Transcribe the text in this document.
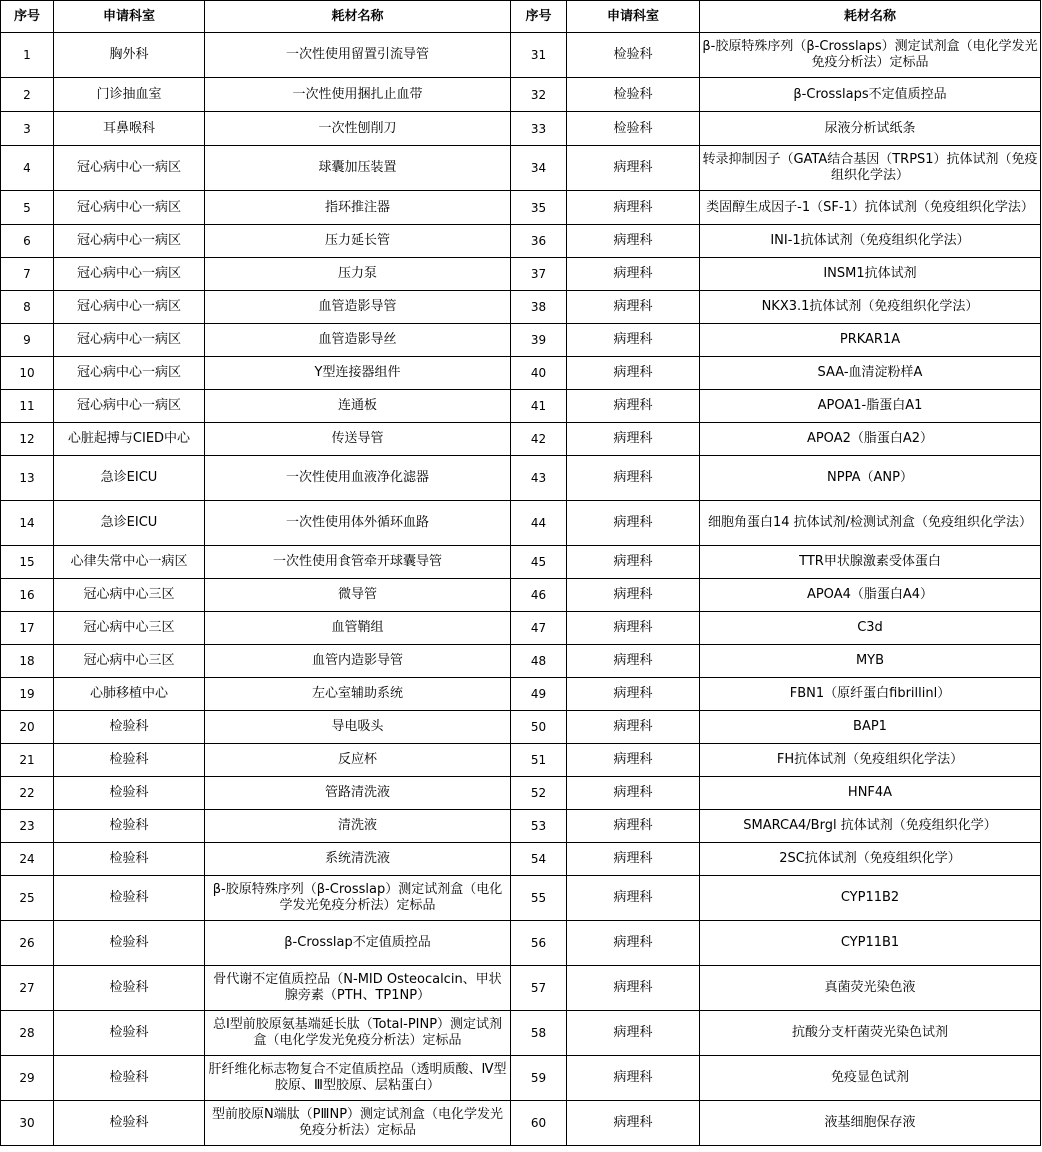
序号	申请科室	耗材名称	序号	申请科室	耗材名称
1	胸外科	一次性使用留置引流导管	31	检验科	β-胶原特殊序列（β-Crosslaps）测定试剂盒（电化学发光免疫分析法）定标品
2	门诊抽血室	一次性使用捆扎止血带	32	检验科	β-Crosslaps不定值质控品
3	耳鼻喉科	一次性刨削刀	33	检验科	尿液分析试纸条
4	冠心病中心一病区	球囊加压装置	34	病理科	转录抑制因子（GATA结合基因（TRPS1）抗体试剂（免疫组织化学法）
5	冠心病中心一病区	指环推注器	35	病理科	类固醇生成因子-1（SF-1）抗体试剂（免疫组织化学法）
6	冠心病中心一病区	压力延长管	36	病理科	INI-1抗体试剂（免疫组织化学法）
7	冠心病中心一病区	压力泵	37	病理科	INSM1抗体试剂
8	冠心病中心一病区	血管造影导管	38	病理科	NKX3.1抗体试剂（免疫组织化学法）
9	冠心病中心一病区	血管造影导丝	39	病理科	PRKAR1A
10	冠心病中心一病区	Y型连接器组件	40	病理科	SAA-血清淀粉样A
11	冠心病中心一病区	连通板	41	病理科	APOA1-脂蛋白A1
12	心脏起搏与CIED中心	传送导管	42	病理科	APOA2（脂蛋白A2）
13	急诊EICU	一次性使用血液净化滤器	43	病理科	NPPA（ANP）
14	急诊EICU	一次性使用体外循环血路	44	病理科	细胞角蛋白14 抗体试剂/检测试剂盒（免疫组织化学法）
15	心律失常中心一病区	一次性使用食管牵开球囊导管	45	病理科	TTR甲状腺激素受体蛋白
16	冠心病中心三区	微导管	46	病理科	APOA4（脂蛋白A4）
17	冠心病中心三区	血管鞘组	47	病理科	C3d
18	冠心病中心三区	血管内造影导管	48	病理科	MYB
19	心肺移植中心	左心室辅助系统	49	病理科	FBN1（原纤蛋白fibrillinl）
20	检验科	导电吸头	50	病理科	BAP1
21	检验科	反应杯	51	病理科	FH抗体试剂（免疫组织化学法）
22	检验科	管路清洗液	52	病理科	HNF4A
23	检验科	清洗液	53	病理科	SMARCA4/Brgl 抗体试剂（免疫组织化学）
24	检验科	系统清洗液	54	病理科	2SC抗体试剂（免疫组织化学）
25	检验科	β-胶原特殊序列（β-Crosslap）测定试剂盒（电化学发光免疫分析法）定标品	55	病理科	CYP11B2
26	检验科	β-Crosslap不定值质控品	56	病理科	CYP11B1
27	检验科	骨代谢不定值质控品（N-MID Osteocalcin、甲状腺旁素（PTH、TP1NP）	57	病理科	真菌荧光染色液
28	检验科	总I型前胶原氨基端延长肽（Total-PINP）测定试剂盒（电化学发光免疫分析法）定标品	58	病理科	抗酸分支杆菌荧光染色试剂
29	检验科	肝纤维化标志物复合不定值质控品（透明质酸、Ⅳ型胶原、Ⅲ型胶原、层粘蛋白）	59	病理科	免疫显色试剂
30	检验科	型前胶原N端肽（PⅢNP）测定试剂盒（电化学发光免疫分析法）定标品	60	病理科	液基细胞保存液
